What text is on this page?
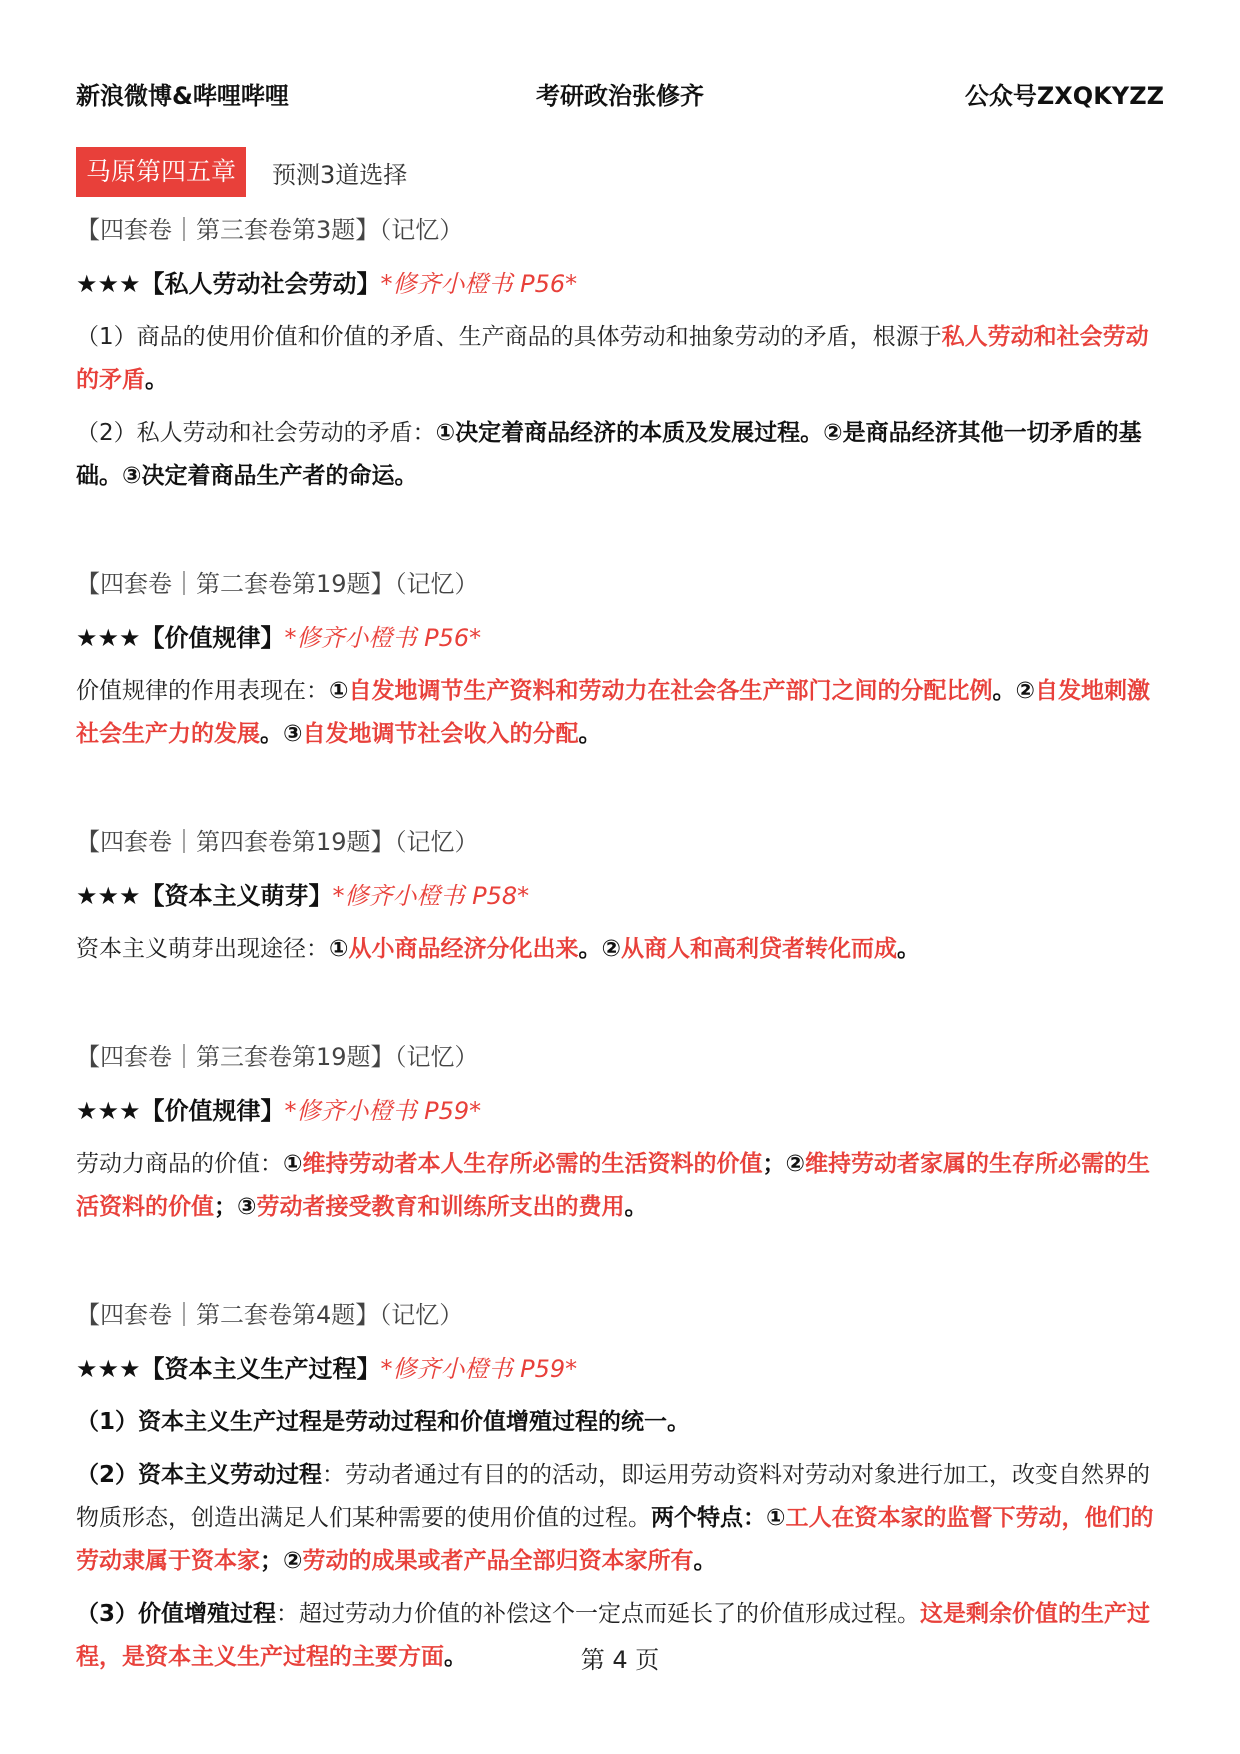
新浪微博&哔哩哔哩	考研政治张修齐	公众号ZXQKYZZ
马原第四五章	预测3道选择
【四套卷｜第三套卷第3题】（记忆）
★★★【私人劳动社会劳动】*修齐小橙书 P56*
（1）商品的使用价值和价值的矛盾、生产商品的具体劳动和抽象劳动的矛盾，根源于私人劳动和社会劳动的矛盾。
（2）私人劳动和社会劳动的矛盾：①决定着商品经济的本质及发展过程。②是商品经济其他一切矛盾的基础。③决定着商品生产者的命运。
【四套卷｜第二套卷第19题】（记忆）
★★★【价值规律】*修齐小橙书 P56*
价值规律的作用表现在：①自发地调节生产资料和劳动力在社会各生产部门之间的分配比例。②自发地刺激社会生产力的发展。③自发地调节社会收入的分配。
【四套卷｜第四套卷第19题】（记忆）
★★★【资本主义萌芽】*修齐小橙书 P58*
资本主义萌芽出现途径：①从小商品经济分化出来。②从商人和高利贷者转化而成。
【四套卷｜第三套卷第19题】（记忆）
★★★【价值规律】*修齐小橙书 P59*
劳动力商品的价值：①维持劳动者本人生存所必需的生活资料的价值；②维持劳动者家属的生存所必需的生活资料的价值；③劳动者接受教育和训练所支出的费用。
【四套卷｜第二套卷第4题】（记忆）
★★★【资本主义生产过程】*修齐小橙书 P59*
（1）资本主义生产过程是劳动过程和价值增殖过程的统一。
（2）资本主义劳动过程：劳动者通过有目的的活动，即运用劳动资料对劳动对象进行加工，改变自然界的物质形态，创造出满足人们某种需要的使用价值的过程。两个特点：①工人在资本家的监督下劳动，他们的劳动隶属于资本家；②劳动的成果或者产品全部归资本家所有。
（3）价值增殖过程：超过劳动力价值的补偿这个一定点而延长了的价值形成过程。这是剩余价值的生产过程，是资本主义生产过程的主要方面。	第 4 页
